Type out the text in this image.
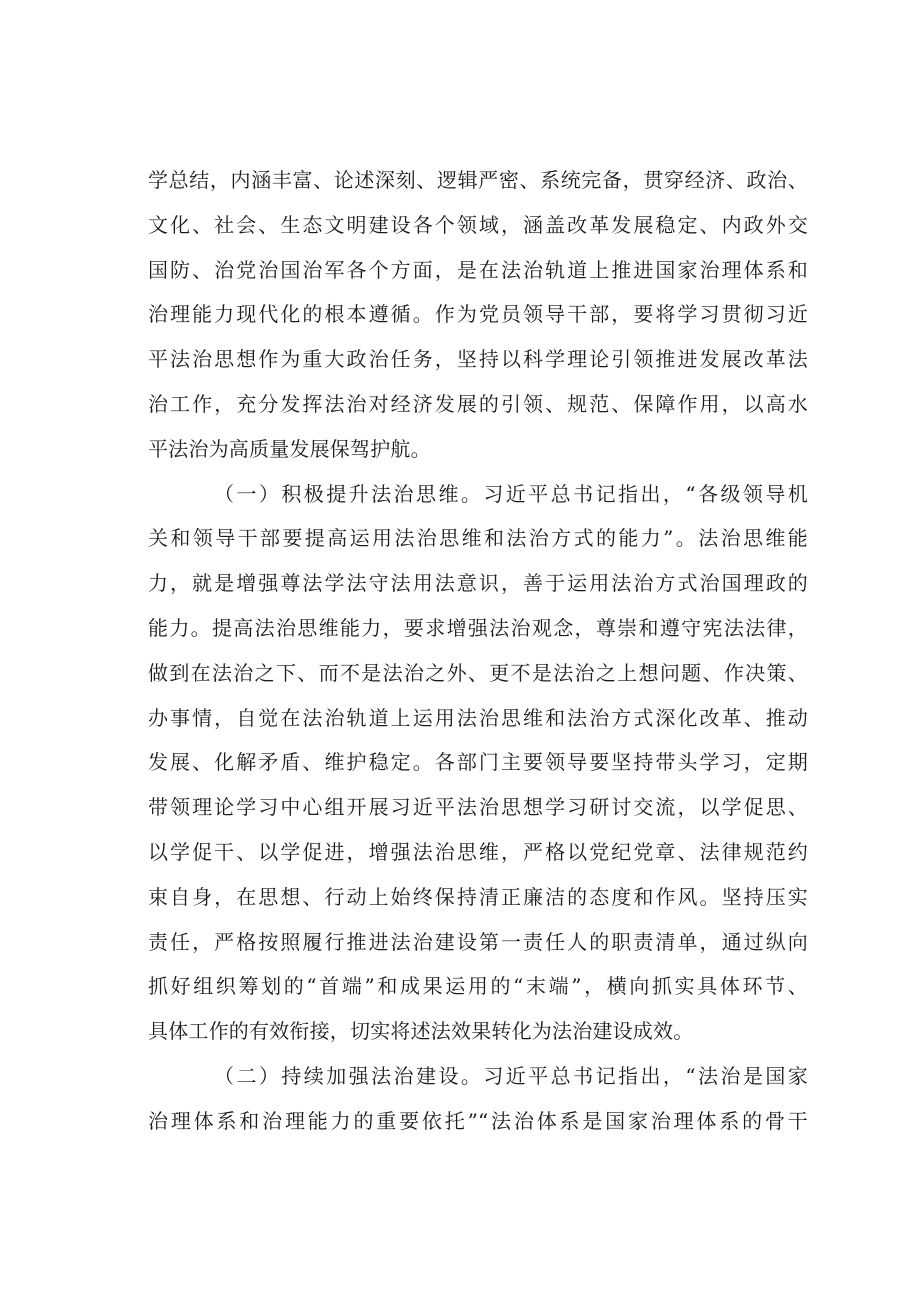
学总结，内涵丰富、论述深刻、逻辑严密、系统完备，贯穿经济、政治、
文化、社会、生态文明建设各个领域，涵盖改革发展稳定、内政外交
国防、治党治国治军各个方面，是在法治轨道上推进国家治理体系和
治理能力现代化的根本遵循。作为党员领导干部，要将学习贯彻习近
平法治思想作为重大政治任务，坚持以科学理论引领推进发展改革法
治工作，充分发挥法治对经济发展的引领、规范、保障作用，以高水
平法治为高质量发展保驾护航。
（一）积极提升法治思维。习近平总书记指出，“各级领导机
关和领导干部要提高运用法治思维和法治方式的能力”。法治思维能
力，就是增强尊法学法守法用法意识，善于运用法治方式治国理政的
能力。提高法治思维能力，要求增强法治观念，尊崇和遵守宪法法律，
做到在法治之下、而不是法治之外、更不是法治之上想问题、作决策、
办事情，自觉在法治轨道上运用法治思维和法治方式深化改革、推动
发展、化解矛盾、维护稳定。各部门主要领导要坚持带头学习，定期
带领理论学习中心组开展习近平法治思想学习研讨交流，以学促思、
以学促干、以学促进，增强法治思维，严格以党纪党章、法律规范约
束自身，在思想、行动上始终保持清正廉洁的态度和作风。坚持压实
责任，严格按照履行推进法治建设第一责任人的职责清单，通过纵向
抓好组织筹划的“首端”和成果运用的“末端”，横向抓实具体环节、
具体工作的有效衔接，切实将述法效果转化为法治建设成效。
（二）持续加强法治建设。习近平总书记指出，“法治是国家
治理体系和治理能力的重要依托”“法治体系是国家治理体系的骨干
